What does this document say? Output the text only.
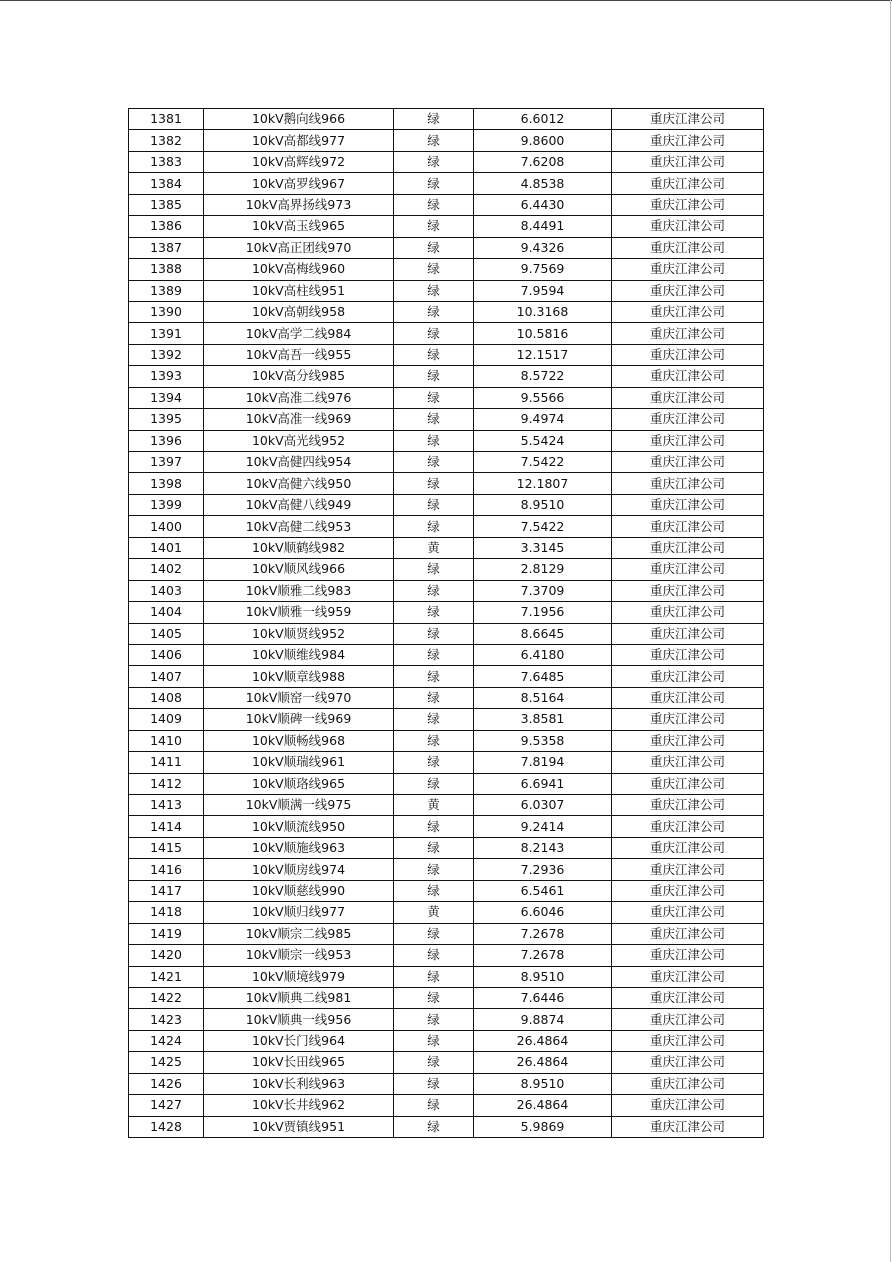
1381	10kV鹅向线966	绿	6.6012	重庆江津公司
1382	10kV高都线977	绿	9.8600	重庆江津公司
1383	10kV高辉线972	绿	7.6208	重庆江津公司
1384	10kV高罗线967	绿	4.8538	重庆江津公司
1385	10kV高界扬线973	绿	6.4430	重庆江津公司
1386	10kV高玉线965	绿	8.4491	重庆江津公司
1387	10kV高正团线970	绿	9.4326	重庆江津公司
1388	10kV高梅线960	绿	9.7569	重庆江津公司
1389	10kV高柱线951	绿	7.9594	重庆江津公司
1390	10kV高朝线958	绿	10.3168	重庆江津公司
1391	10kV高学二线984	绿	10.5816	重庆江津公司
1392	10kV高吾一线955	绿	12.1517	重庆江津公司
1393	10kV高分线985	绿	8.5722	重庆江津公司
1394	10kV高准二线976	绿	9.5566	重庆江津公司
1395	10kV高准一线969	绿	9.4974	重庆江津公司
1396	10kV高光线952	绿	5.5424	重庆江津公司
1397	10kV高健四线954	绿	7.5422	重庆江津公司
1398	10kV高健六线950	绿	12.1807	重庆江津公司
1399	10kV高健八线949	绿	8.9510	重庆江津公司
1400	10kV高健二线953	绿	7.5422	重庆江津公司
1401	10kV顺鹤线982	黄	3.3145	重庆江津公司
1402	10kV顺风线966	绿	2.8129	重庆江津公司
1403	10kV顺雅二线983	绿	7.3709	重庆江津公司
1404	10kV顺雅一线959	绿	7.1956	重庆江津公司
1405	10kV顺贤线952	绿	8.6645	重庆江津公司
1406	10kV顺维线984	绿	6.4180	重庆江津公司
1407	10kV顺章线988	绿	7.6485	重庆江津公司
1408	10kV顺窑一线970	绿	8.5164	重庆江津公司
1409	10kV顺碑一线969	绿	3.8581	重庆江津公司
1410	10kV顺畅线968	绿	9.5358	重庆江津公司
1411	10kV顺瑞线961	绿	7.8194	重庆江津公司
1412	10kV顺珞线965	绿	6.6941	重庆江津公司
1413	10kV顺满一线975	黄	6.0307	重庆江津公司
1414	10kV顺流线950	绿	9.2414	重庆江津公司
1415	10kV顺施线963	绿	8.2143	重庆江津公司
1416	10kV顺房线974	绿	7.2936	重庆江津公司
1417	10kV顺慈线990	绿	6.5461	重庆江津公司
1418	10kV顺归线977	黄	6.6046	重庆江津公司
1419	10kV顺宗二线985	绿	7.2678	重庆江津公司
1420	10kV顺宗一线953	绿	7.2678	重庆江津公司
1421	10kV顺境线979	绿	8.9510	重庆江津公司
1422	10kV顺典二线981	绿	7.6446	重庆江津公司
1423	10kV顺典一线956	绿	9.8874	重庆江津公司
1424	10kV长门线964	绿	26.4864	重庆江津公司
1425	10kV长田线965	绿	26.4864	重庆江津公司
1426	10kV长利线963	绿	8.9510	重庆江津公司
1427	10kV长井线962	绿	26.4864	重庆江津公司
1428	10kV贾镇线951	绿	5.9869	重庆江津公司
